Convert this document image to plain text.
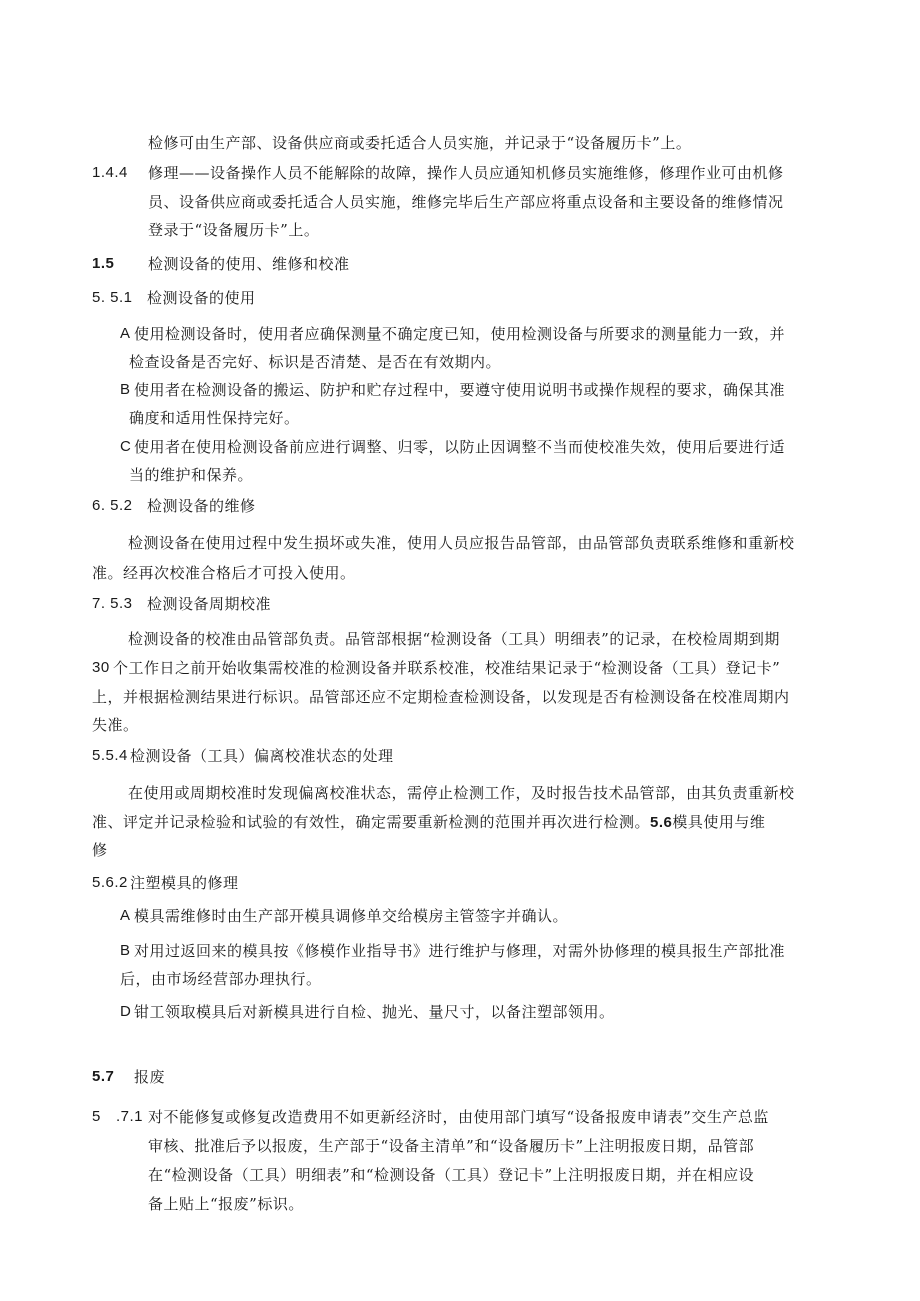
检修可由生产部、设备供应商或委托适合人员实施，并记录于“设备履历卡”上。
1.4.4 修理——设备操作人员不能解除的故障，操作人员应通知机修员实施维修，修理作业可由机修
员、设备供应商或委托适合人员实施，维修完毕后生产部应将重点设备和主要设备的维修情况
登录于“设备履历卡”上。
1.5 检测设备的使用、维修和校准
5. 5.1 检测设备的使用
A 使用检测设备时，使用者应确保测量不确定度已知，使用检测设备与所要求的测量能力一致，并
检查设备是否完好、标识是否清楚、是否在有效期内。
B 使用者在检测设备的搬运、防护和贮存过程中，要遵守使用说明书或操作规程的要求，确保其准
确度和适用性保持完好。
C 使用者在使用检测设备前应进行调整、归零，以防止因调整不当而使校准失效，使用后要进行适
当的维护和保养。
6. 5.2 检测设备的维修
检测设备在使用过程中发生损坏或失准，使用人员应报告品管部，由品管部负责联系维修和重新校
准。经再次校准合格后才可投入使用。
7. 5.3 检测设备周期校准
检测设备的校准由品管部负责。品管部根据“检测设备（工具）明细表”的记录，在校检周期到期
30 个工作日之前开始收集需校准的检测设备并联系校准，校准结果记录于“检测设备（工具）登记卡”
上，并根据检测结果进行标识。品管部还应不定期检查检测设备，以发现是否有检测设备在校准周期内
失准。
5.5.4 检测设备（工具）偏离校准状态的处理
在使用或周期校准时发现偏离校准状态，需停止检测工作，及时报告技术品管部，由其负责重新校
准、评定并记录检验和试验的有效性，确定需要重新检测的范围并再次进行检测。5.6模具使用与维
修
5.6.2 注塑模具的修理
A 模具需维修时由生产部开模具调修单交给模房主管签字并确认。
B 对用过返回来的模具按《修模作业指导书》进行维护与修理，对需外协修理的模具报生产部批准
后，由市场经营部办理执行。
D 钳工领取模具后对新模具进行自检、抛光、量尺寸，以备注塑部领用。
5.7 报废
5 .7.1 对不能修复或修复改造费用不如更新经济时，由使用部门填写“设备报废申请表”交生产总监
审核、批准后予以报废，生产部于“设备主清单”和“设备履历卡”上注明报废日期，品管部
在“检测设备（工具）明细表”和“检测设备（工具）登记卡”上注明报废日期，并在相应设
备上贴上“报废”标识。
